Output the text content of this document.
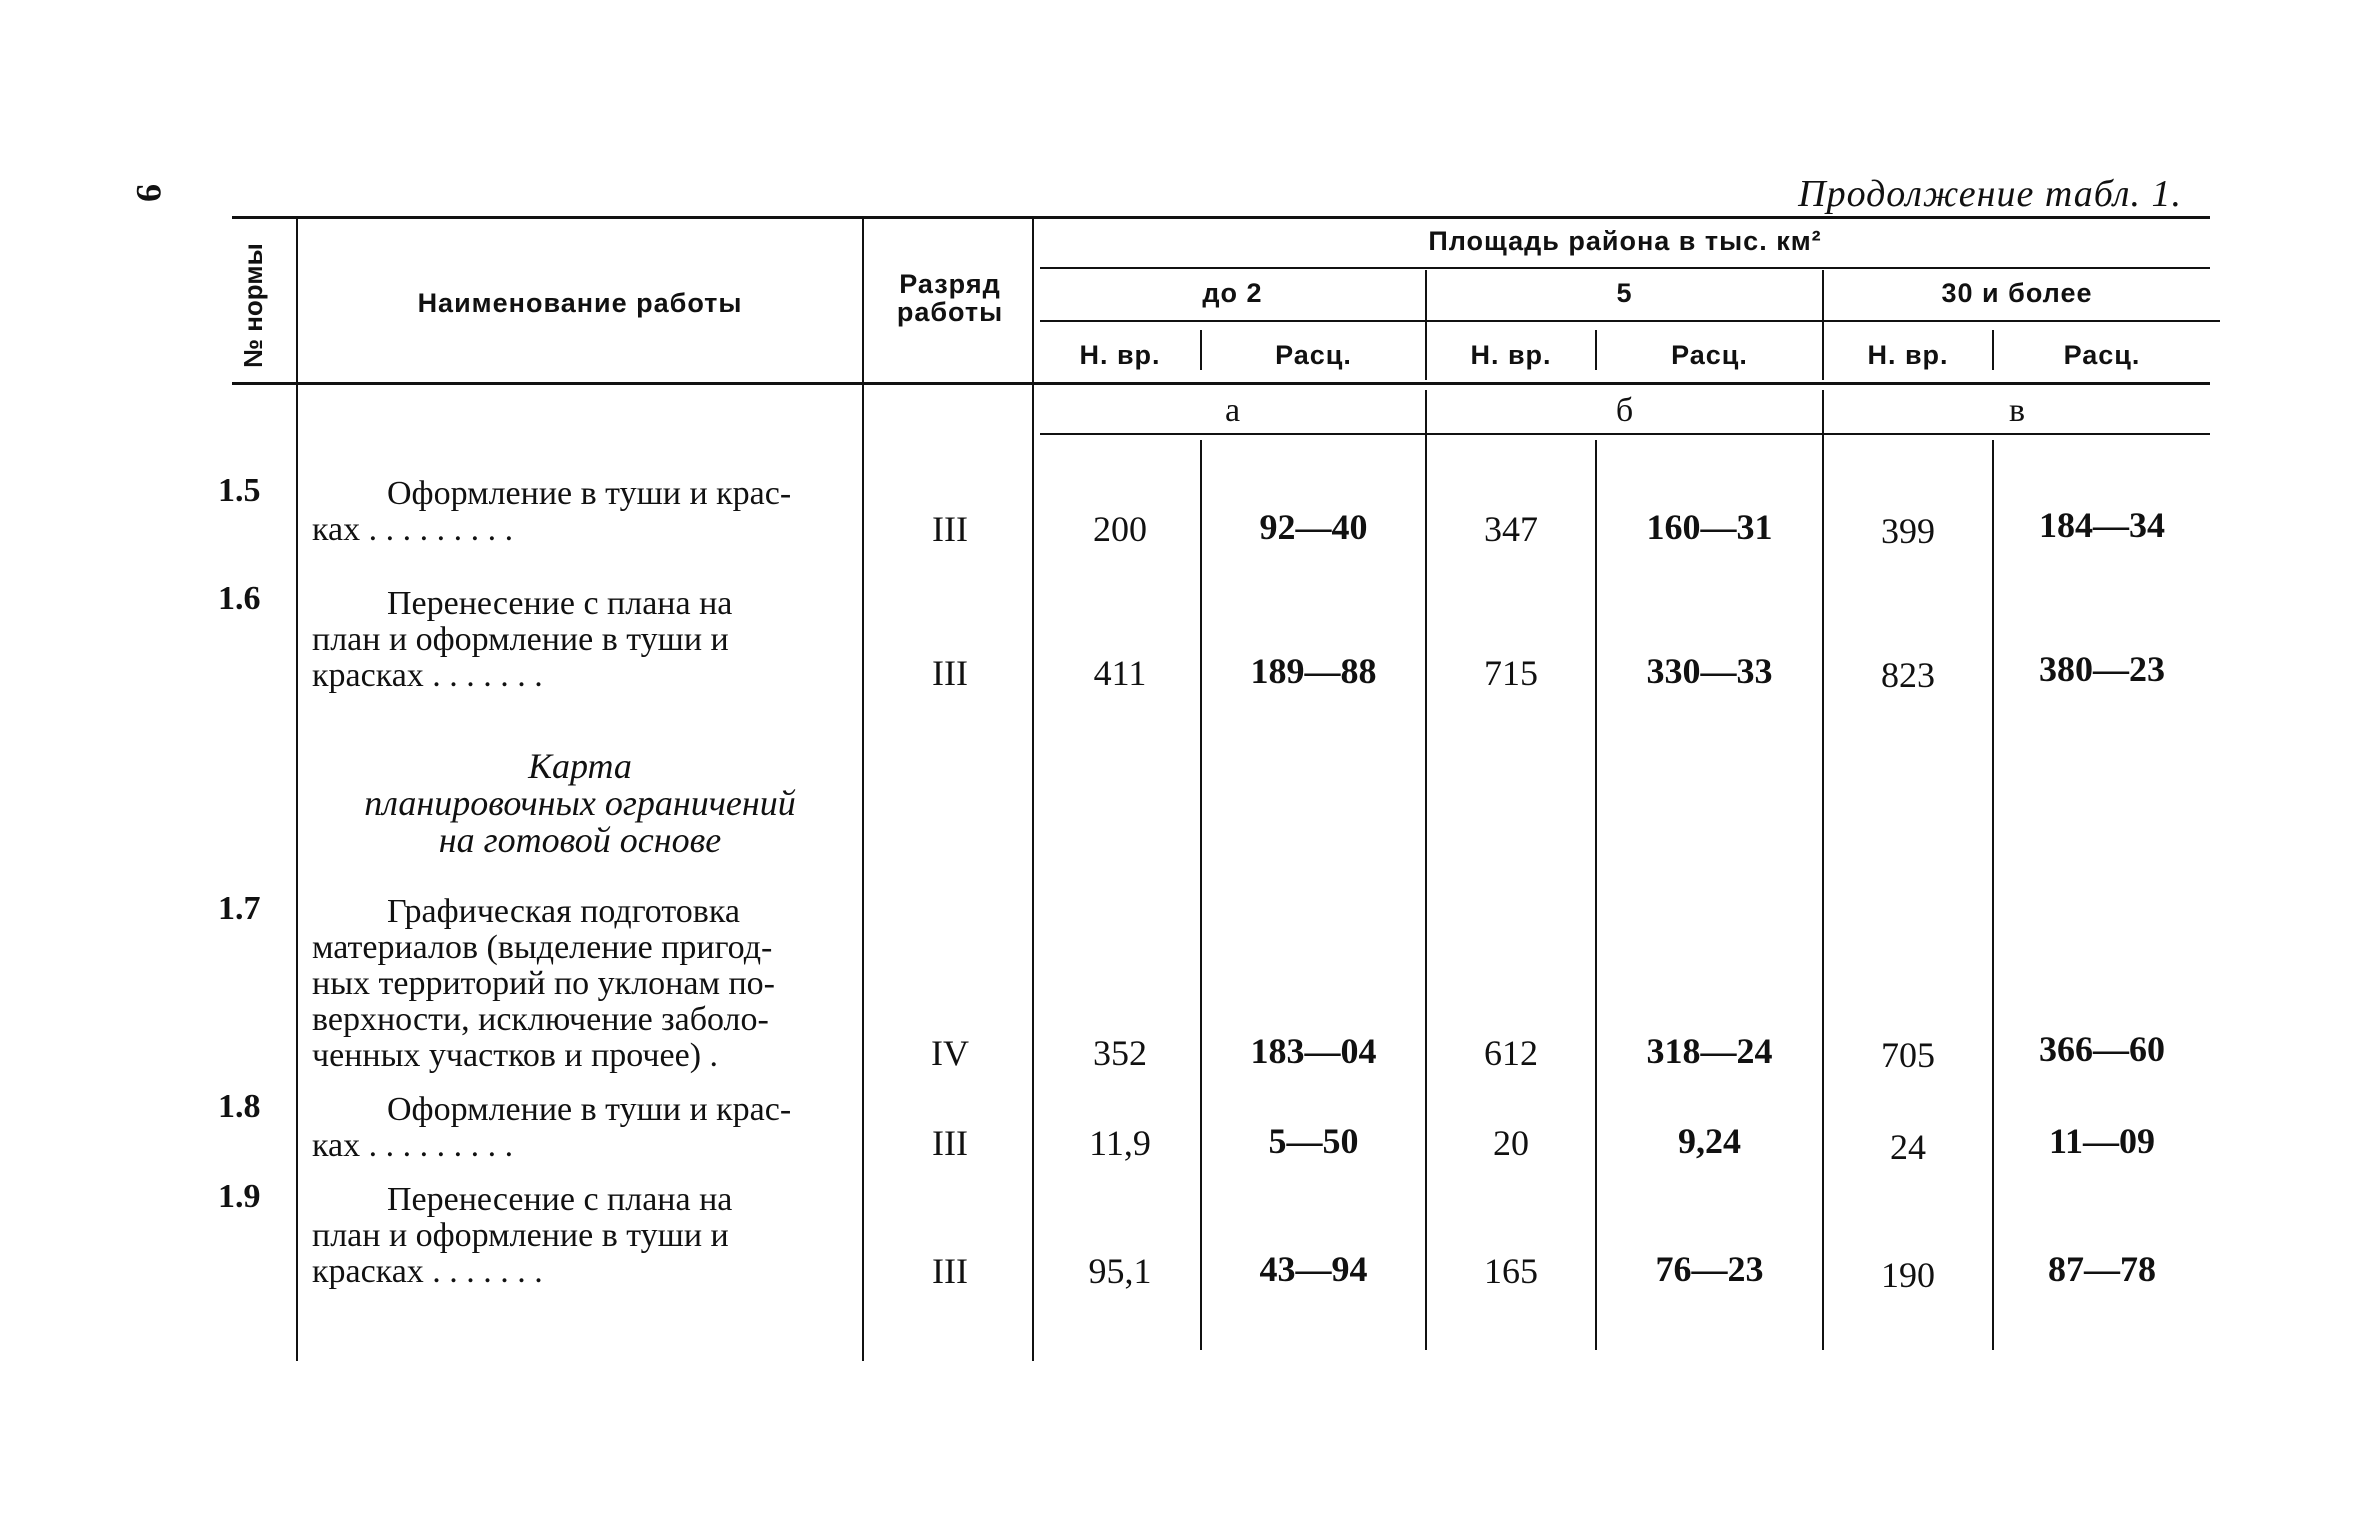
9	Продолжение табл. 1.
№ нормы	Наименование работы
Разряд работы
Площадь района в тыс. км²
до 2	5	30 и более
Н. вр.	Расц.	Н. вр.	Расц.	Н. вр.	Расц.
а	б	в
1.5	Оформление в туши и крас-
ках . . . . . . . . .	III	200	92—40	347	160—31	399	184—34
1.6	Перенесение с плана на
план и оформление в туши и
красках . . . . . . .	III	411	189—88	715	330—33	823	380—23
Карта
планировочных ограничений
на готовой основе
1.7	Графическая подготовка
материалов (выделение пригод-
ных территорий по уклонам по-
верхности, исключение заболо-
ченных участков и прочее) .	IV	352	183—04	612	318—24	705	366—60
1.8	Оформление в туши и крас-
ках . . . . . . . . .	III	11,9	5—50	20	9,24	24	11—09
1.9	Перенесение с плана на
план и оформление в туши и
красках . . . . . . .	III	95,1	43—94	165	76—23	190	87—78
